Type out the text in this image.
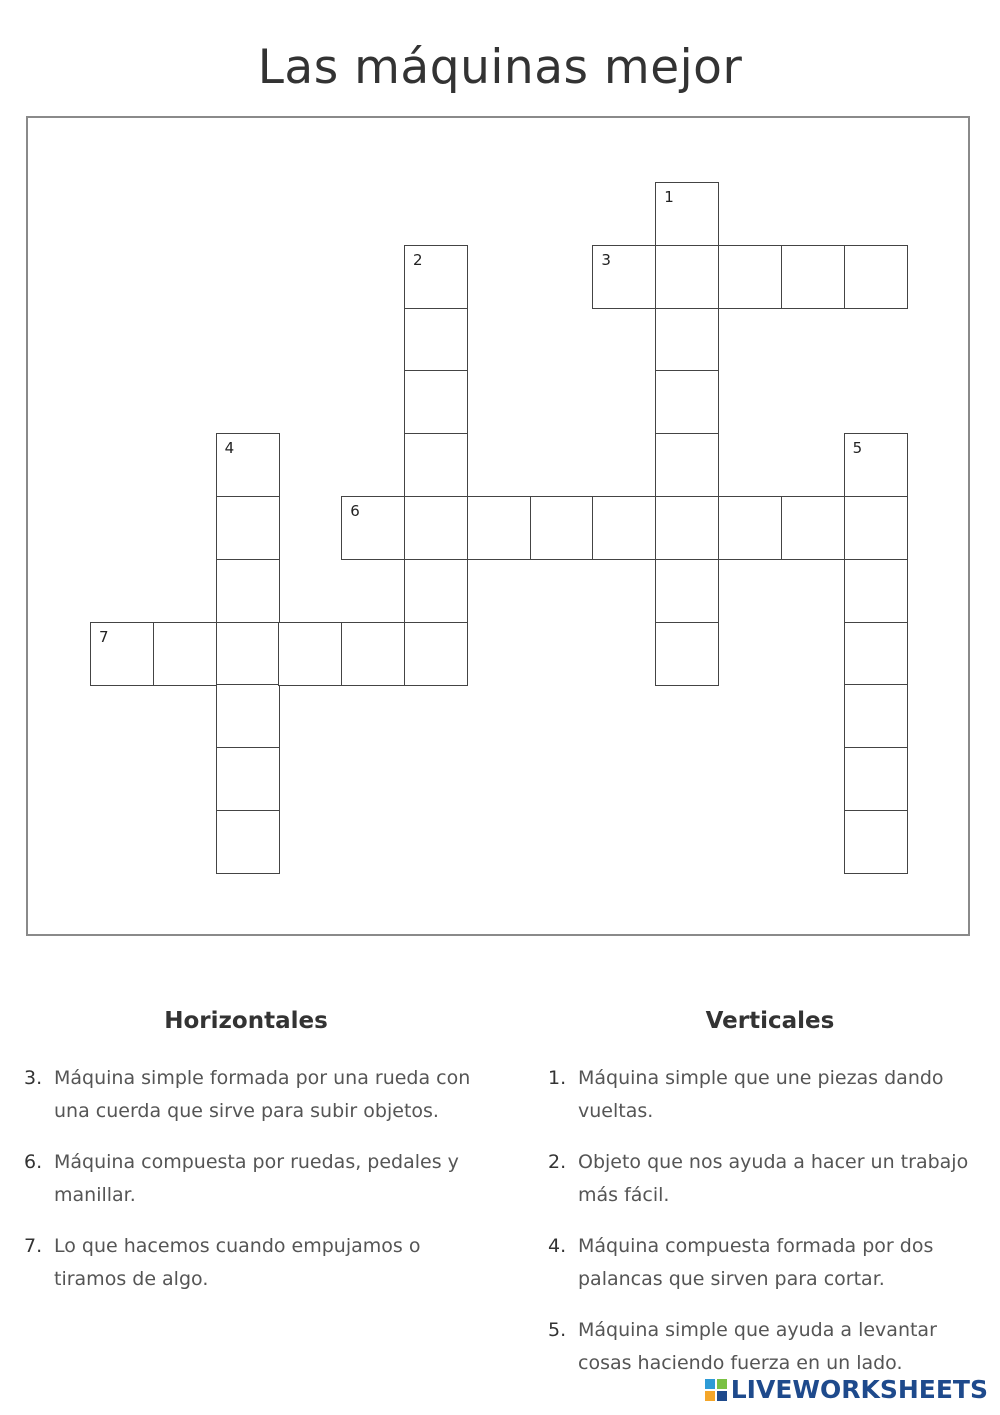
Las máquinas mejor
1
2	3
4	5
6
7
Horizontales	Verticales
3. Máquina simple formada por una rueda con una cuerda que sirve para subir objetos.
6. Máquina compuesta por ruedas, pedales y manillar.
7. Lo que hacemos cuando empujamos o tiramos de algo.
1. Máquina simple que une piezas dando vueltas.
2. Objeto que nos ayuda a hacer un trabajo más fácil.
4. Máquina compuesta formada por dos palancas que sirven para cortar.
5. Máquina simple que ayuda a levantar cosas haciendo fuerza en un lado.
LIVEWORKSHEETS
